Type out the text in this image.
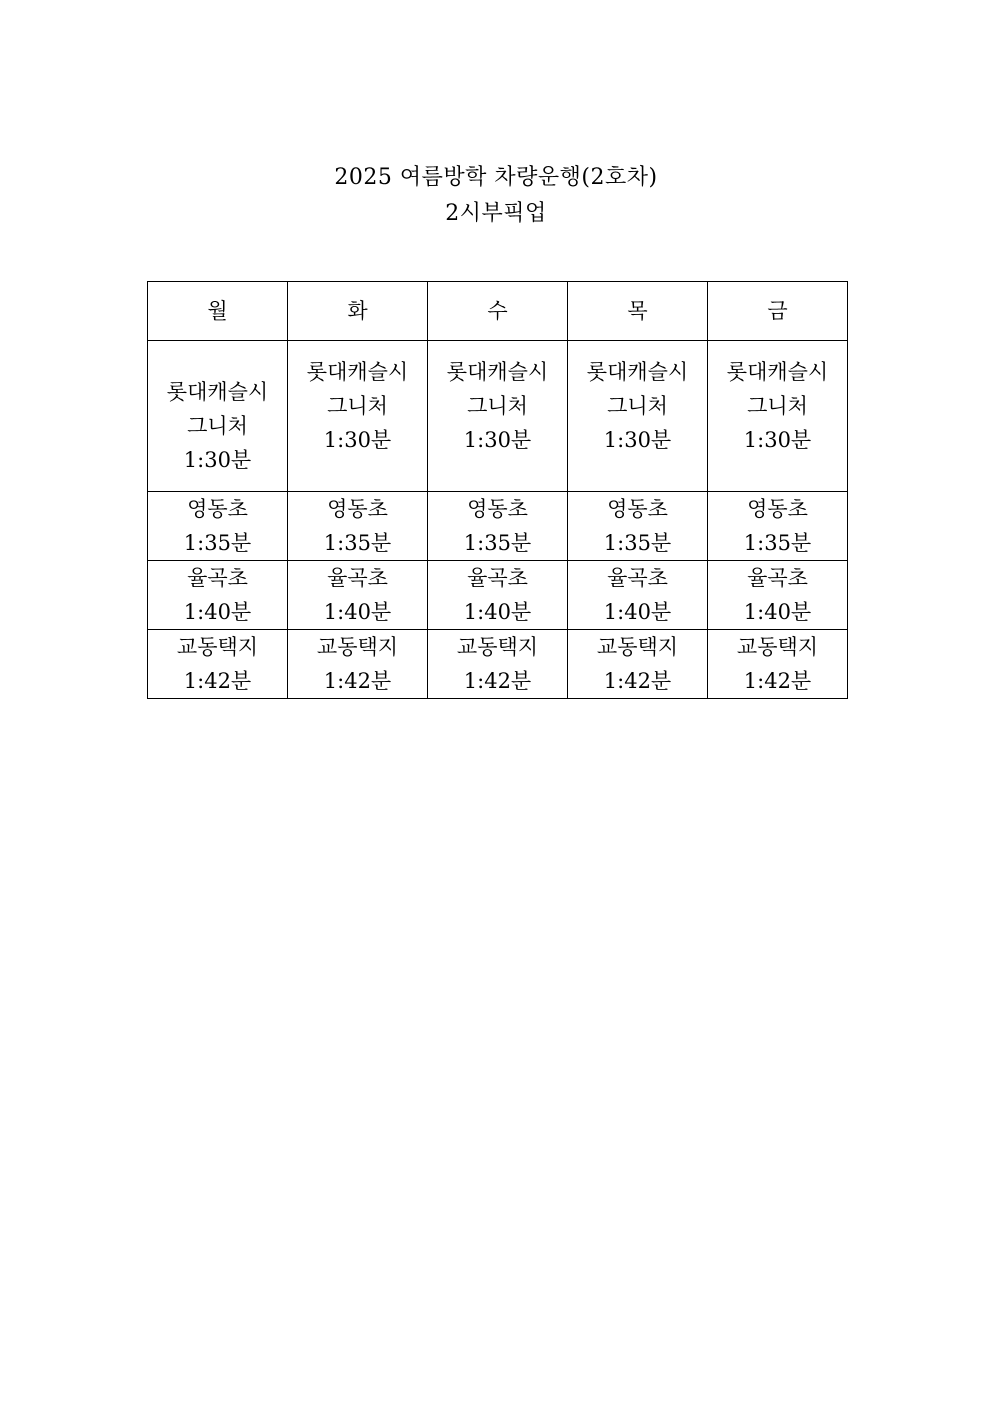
2025 여름방학 차량운행(2호차)
2시부픽업
월	화	수	목	금

롯대캐슬시
그니처
1:30분	롯대캐슬시
그니처
1:30분	롯대캐슬시
그니처
1:30분	롯대캐슬시
그니처
1:30분	롯대캐슬시
그니처
1:30분

영동초
1:35분	영동초
1:35분	영동초
1:35분	영동초
1:35분	영동초
1:35분

율곡초
1:40분	율곡초
1:40분	율곡초
1:40분	율곡초
1:40분	율곡초
1:40분

교동택지
1:42분	교동택지
1:42분	교동택지
1:42분	교동택지
1:42분	교동택지
1:42분
